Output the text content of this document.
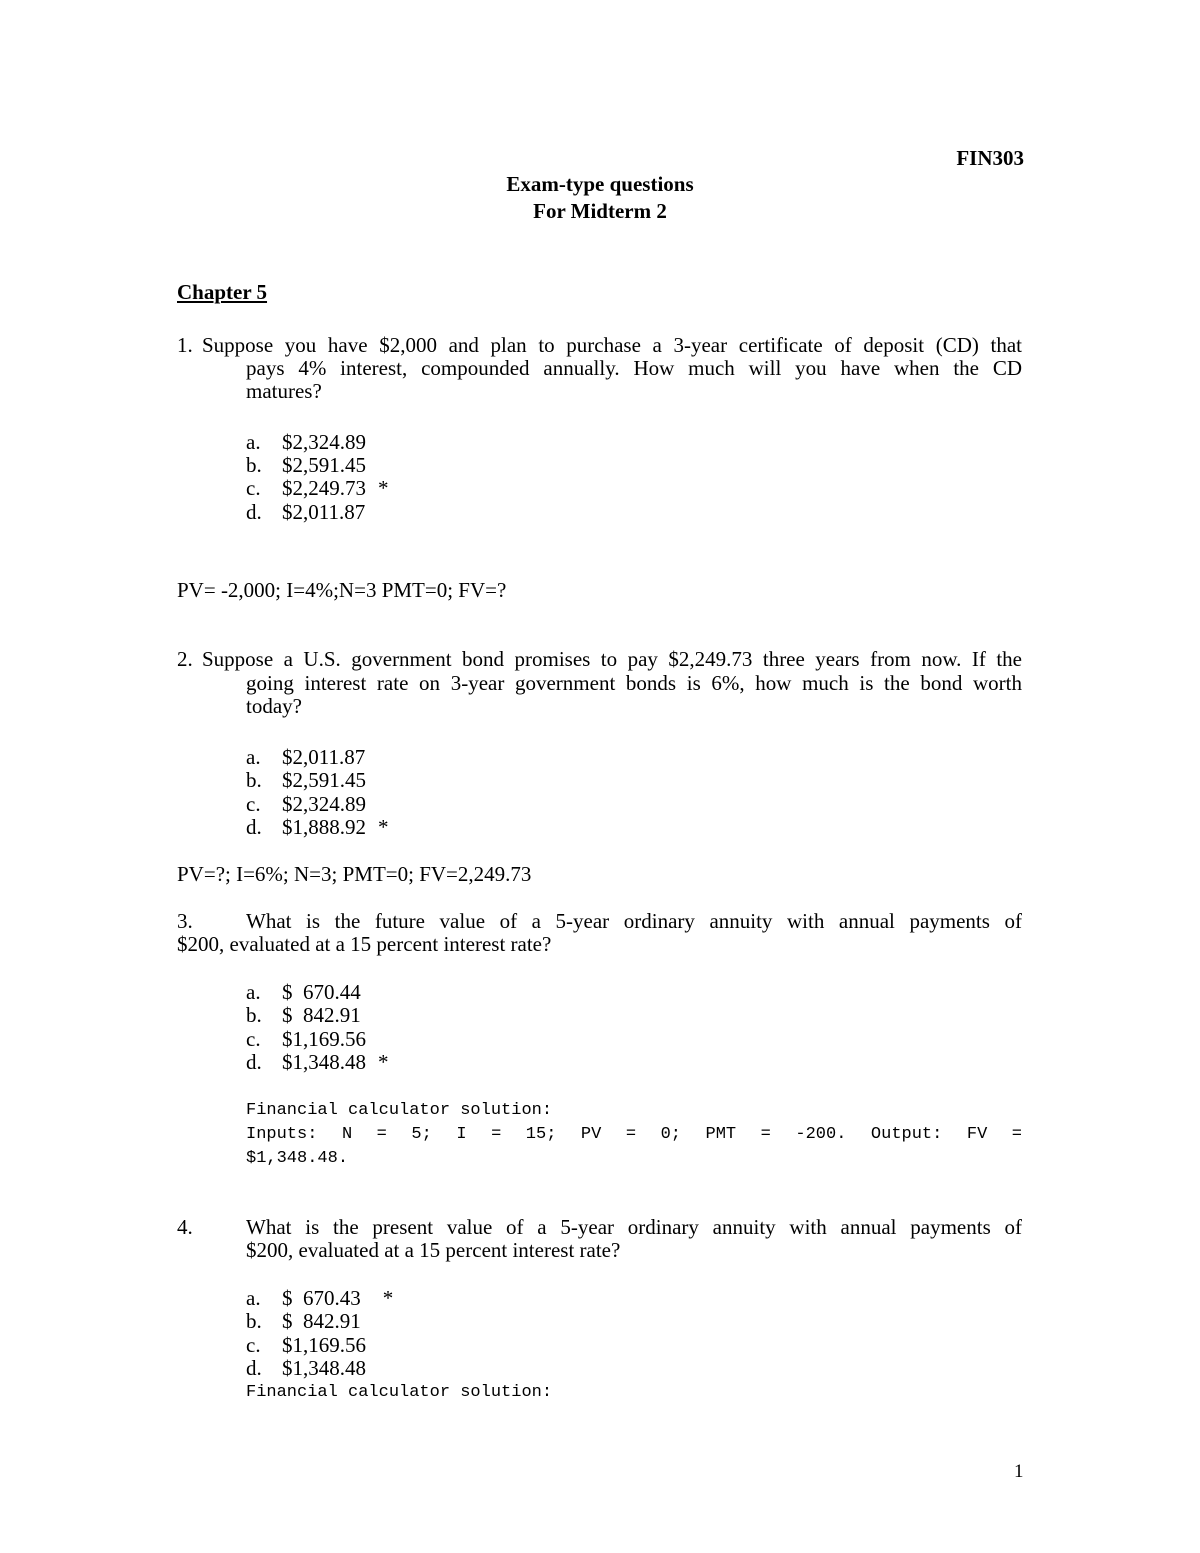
FIN303
Exam-type questions
For Midterm 2
Chapter 5
1. Suppose you have $2,000 and plan to purchase a 3-year certificate of deposit (CD) that
pays 4% interest, compounded annually. How much will you have when the CD
matures?
a. $2,324.89
b. $2,591.45
c. $2,249.73 *
d. $2,011.87
PV= -2,000; I=4%;N=3 PMT=0; FV=?
2. Suppose a U.S. government bond promises to pay $2,249.73 three years from now. If the
going interest rate on 3-year government bonds is 6%, how much is the bond worth
today?
a. $2,011.87
b. $2,591.45
c. $2,324.89
d. $1,888.92 *
PV=?; I=6%; N=3; PMT=0; FV=2,249.73
3.	What is the future value of a 5-year ordinary annuity with annual payments of
$200, evaluated at a 15 percent interest rate?
a. $  670.44
b. $  842.91
c. $1,169.56
d. $1,348.48 *
Financial calculator solution:
Inputs: N = 5; I = 15; PV = 0; PMT = -200. Output: FV =
$1,348.48.
4.	What is the present value of a 5-year ordinary annuity with annual payments of
$200, evaluated at a 15 percent interest rate?
a. $  670.43 *
b. $  842.91
c. $1,169.56
d. $1,348.48
Financial calculator solution:
1
